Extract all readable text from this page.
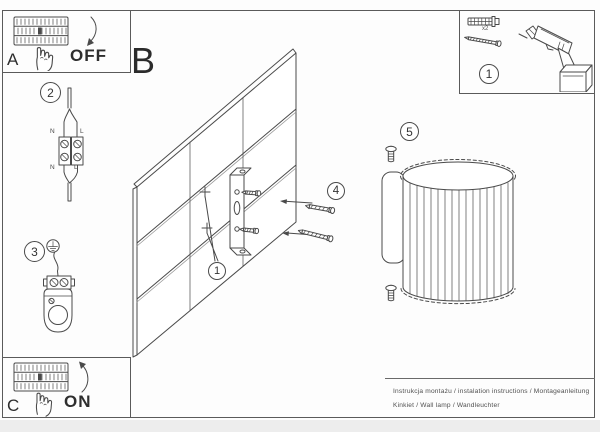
A	OFF B
N	L
N	L
1
4
5
x2
1
2
3
C	ON
Instrukcja montażu / instalation instructions / Montageanleitung
Kinkiet / Wall lamp / Wandleuchter
